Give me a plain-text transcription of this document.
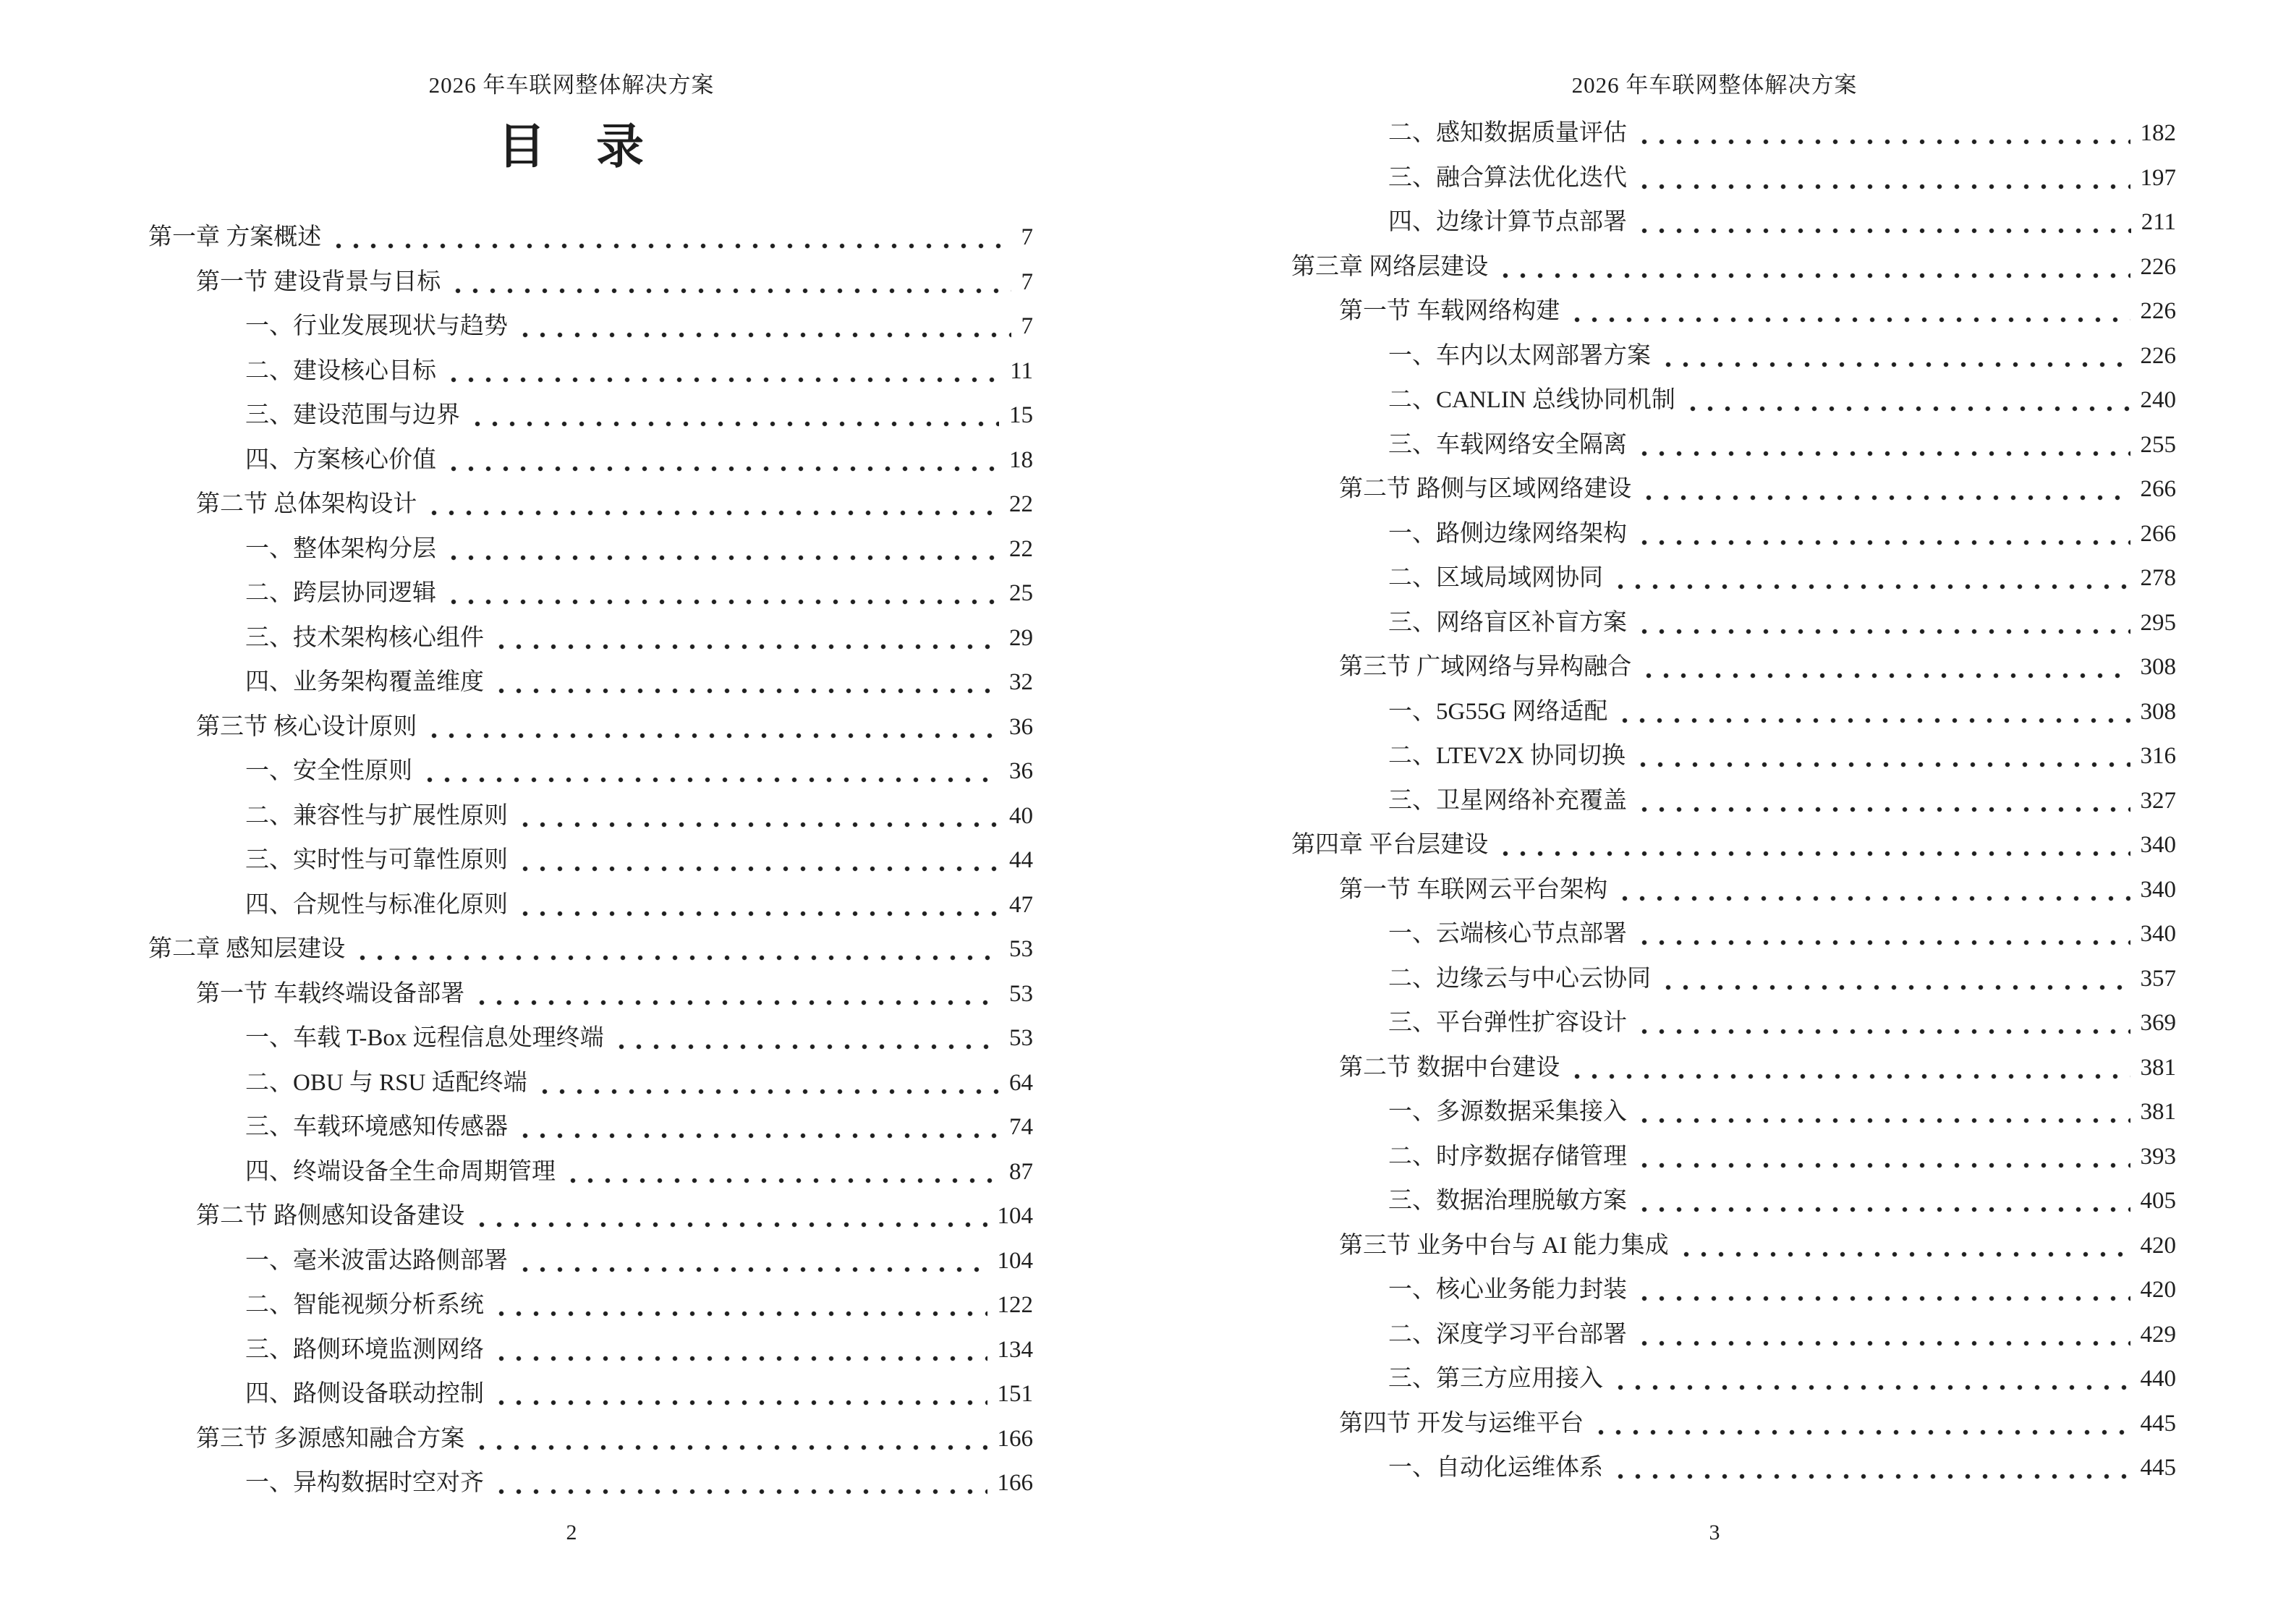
2026 年车联网整体解决方案
目　录
第一章 方案概述	7
第一节 建设背景与目标	7
一、行业发展现状与趋势	7
二、建设核心目标	11
三、建设范围与边界	15
四、方案核心价值	18
第二节 总体架构设计	22
一、整体架构分层	22
二、跨层协同逻辑	25
三、技术架构核心组件	29
四、业务架构覆盖维度	32
第三节 核心设计原则	36
一、安全性原则	36
二、兼容性与扩展性原则	40
三、实时性与可靠性原则	44
四、合规性与标准化原则	47
第二章 感知层建设	53
第一节 车载终端设备部署	53
一、车载 T-Box 远程信息处理终端	53
二、OBU 与 RSU 适配终端	64
三、车载环境感知传感器	74
四、终端设备全生命周期管理	87
第二节 路侧感知设备建设	104
一、毫米波雷达路侧部署	104
二、智能视频分析系统	122
三、路侧环境监测网络	134
四、路侧设备联动控制	151
第三节 多源感知融合方案	166
一、异构数据时空对齐	166
2
2026 年车联网整体解决方案
二、感知数据质量评估	182
三、融合算法优化迭代	197
四、边缘计算节点部署	211
第三章 网络层建设	226
第一节 车载网络构建	226
一、车内以太网部署方案	226
二、CANLIN 总线协同机制	240
三、车载网络安全隔离	255
第二节 路侧与区域网络建设	266
一、路侧边缘网络架构	266
二、区域局域网协同	278
三、网络盲区补盲方案	295
第三节 广域网络与异构融合	308
一、5G55G 网络适配	308
二、LTEV2X 协同切换	316
三、卫星网络补充覆盖	327
第四章 平台层建设	340
第一节 车联网云平台架构	340
一、云端核心节点部署	340
二、边缘云与中心云协同	357
三、平台弹性扩容设计	369
第二节 数据中台建设	381
一、多源数据采集接入	381
二、时序数据存储管理	393
三、数据治理脱敏方案	405
第三节 业务中台与 AI 能力集成	420
一、核心业务能力封装	420
二、深度学习平台部署	429
三、第三方应用接入	440
第四节 开发与运维平台	445
一、自动化运维体系	445
3
